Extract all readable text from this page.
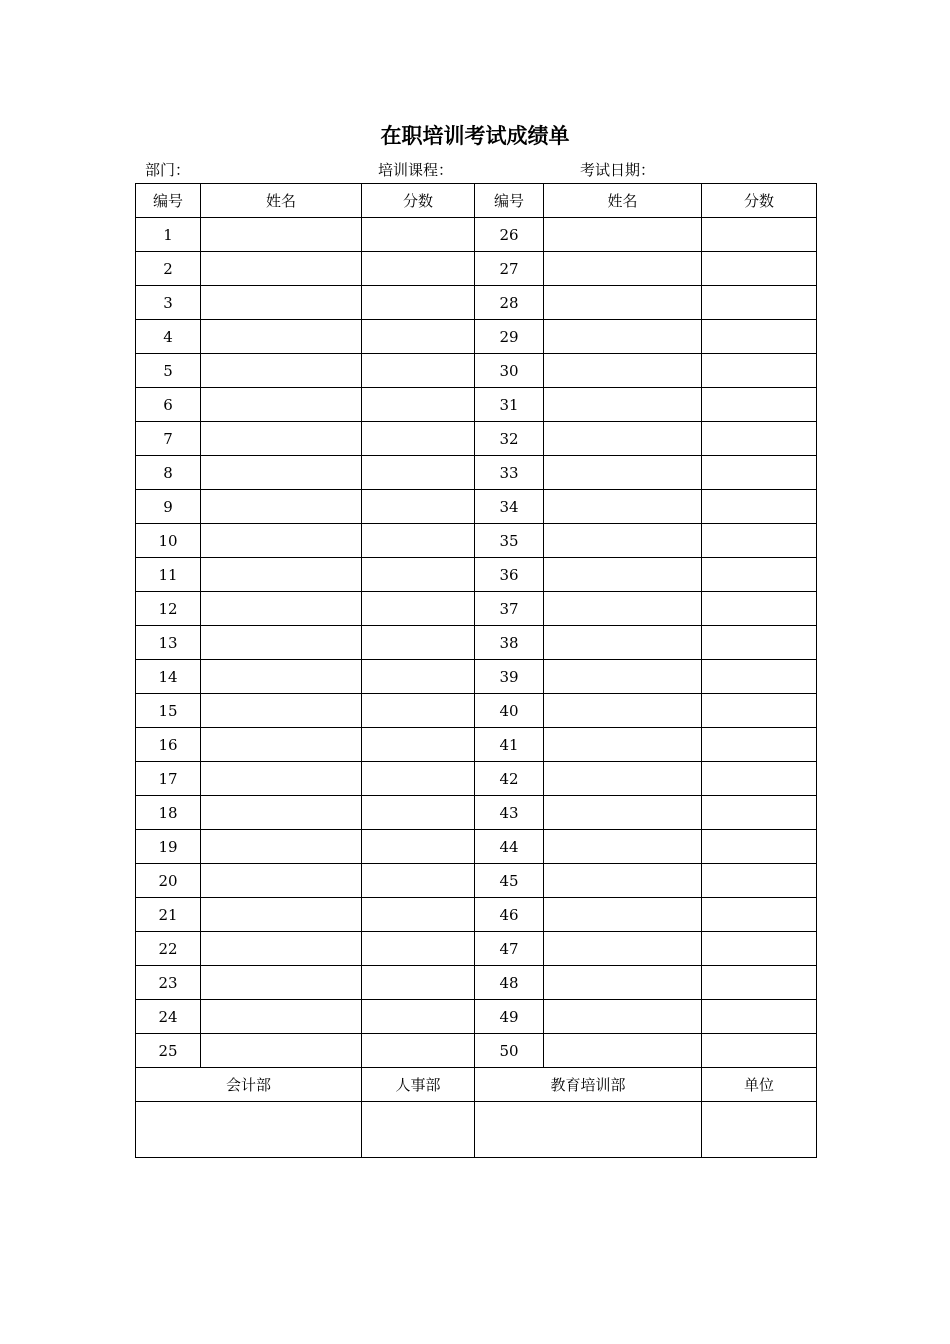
在职培训考试成绩单
部门：	培训课程：	考试日期：
编号	姓名	分数	编号	姓名	分数
1			26		
2			27		
3			28		
4			29		
5			30		
6			31		
7			32		
8			33		
9			34		
10			35		
11			36		
12			37		
13			38		
14			39		
15			40		
16			41		
17			42		
18			43		
19			44		
20			45		
21			46		
22			47		
23			48		
24			49		
25			50		
会计部		人事部	教育培训部		单位
